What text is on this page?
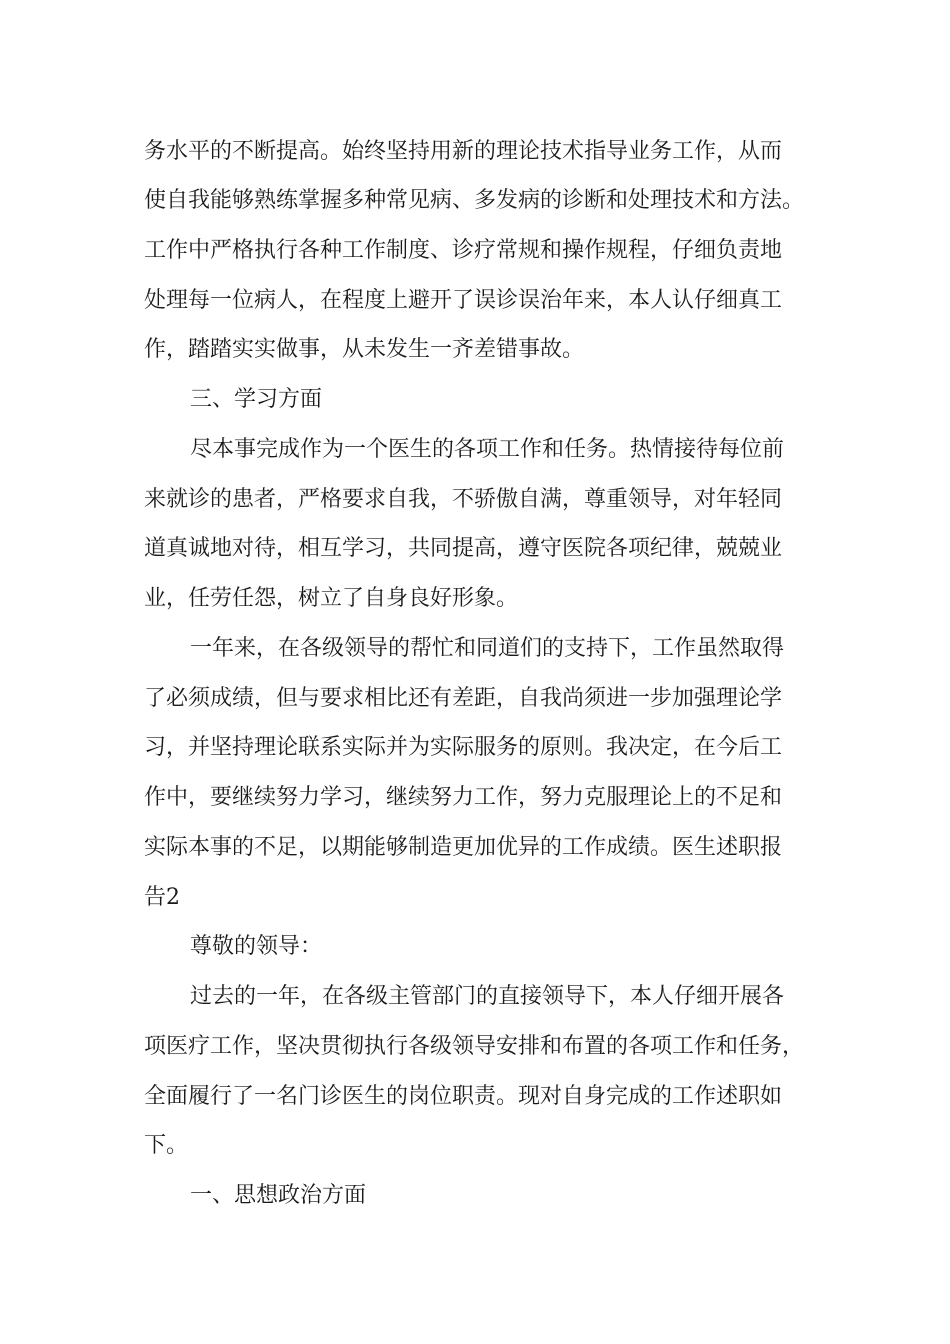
务水平的不断提高。始终坚持用新的理论技术指导业务工作，从而
使自我能够熟练掌握多种常见病、多发病的诊断和处理技术和方法。
工作中严格执行各种工作制度、诊疗常规和操作规程，仔细负责地
处理每一位病人，在程度上避开了误诊误治年来，本人认仔细真工
作，踏踏实实做事，从未发生一齐差错事故。
三、学习方面
尽本事完成作为一个医生的各项工作和任务。热情接待每位前
来就诊的患者，严格要求自我，不骄傲自满，尊重领导，对年轻同
道真诚地对待，相互学习，共同提高，遵守医院各项纪律，兢兢业
业，任劳任怨，树立了自身良好形象。
一年来，在各级领导的帮忙和同道们的支持下，工作虽然取得
了必须成绩，但与要求相比还有差距，自我尚须进一步加强理论学
习，并坚持理论联系实际并为实际服务的原则。我决定，在今后工
作中，要继续努力学习，继续努力工作，努力克服理论上的不足和
实际本事的不足，以期能够制造更加优异的工作成绩。医生述职报
告2
尊敬的领导：
过去的一年，在各级主管部门的直接领导下，本人仔细开展各
项医疗工作，坚决贯彻执行各级领导安排和布置的各项工作和任务，
全面履行了一名门诊医生的岗位职责。现对自身完成的工作述职如
下。
一、思想政治方面
